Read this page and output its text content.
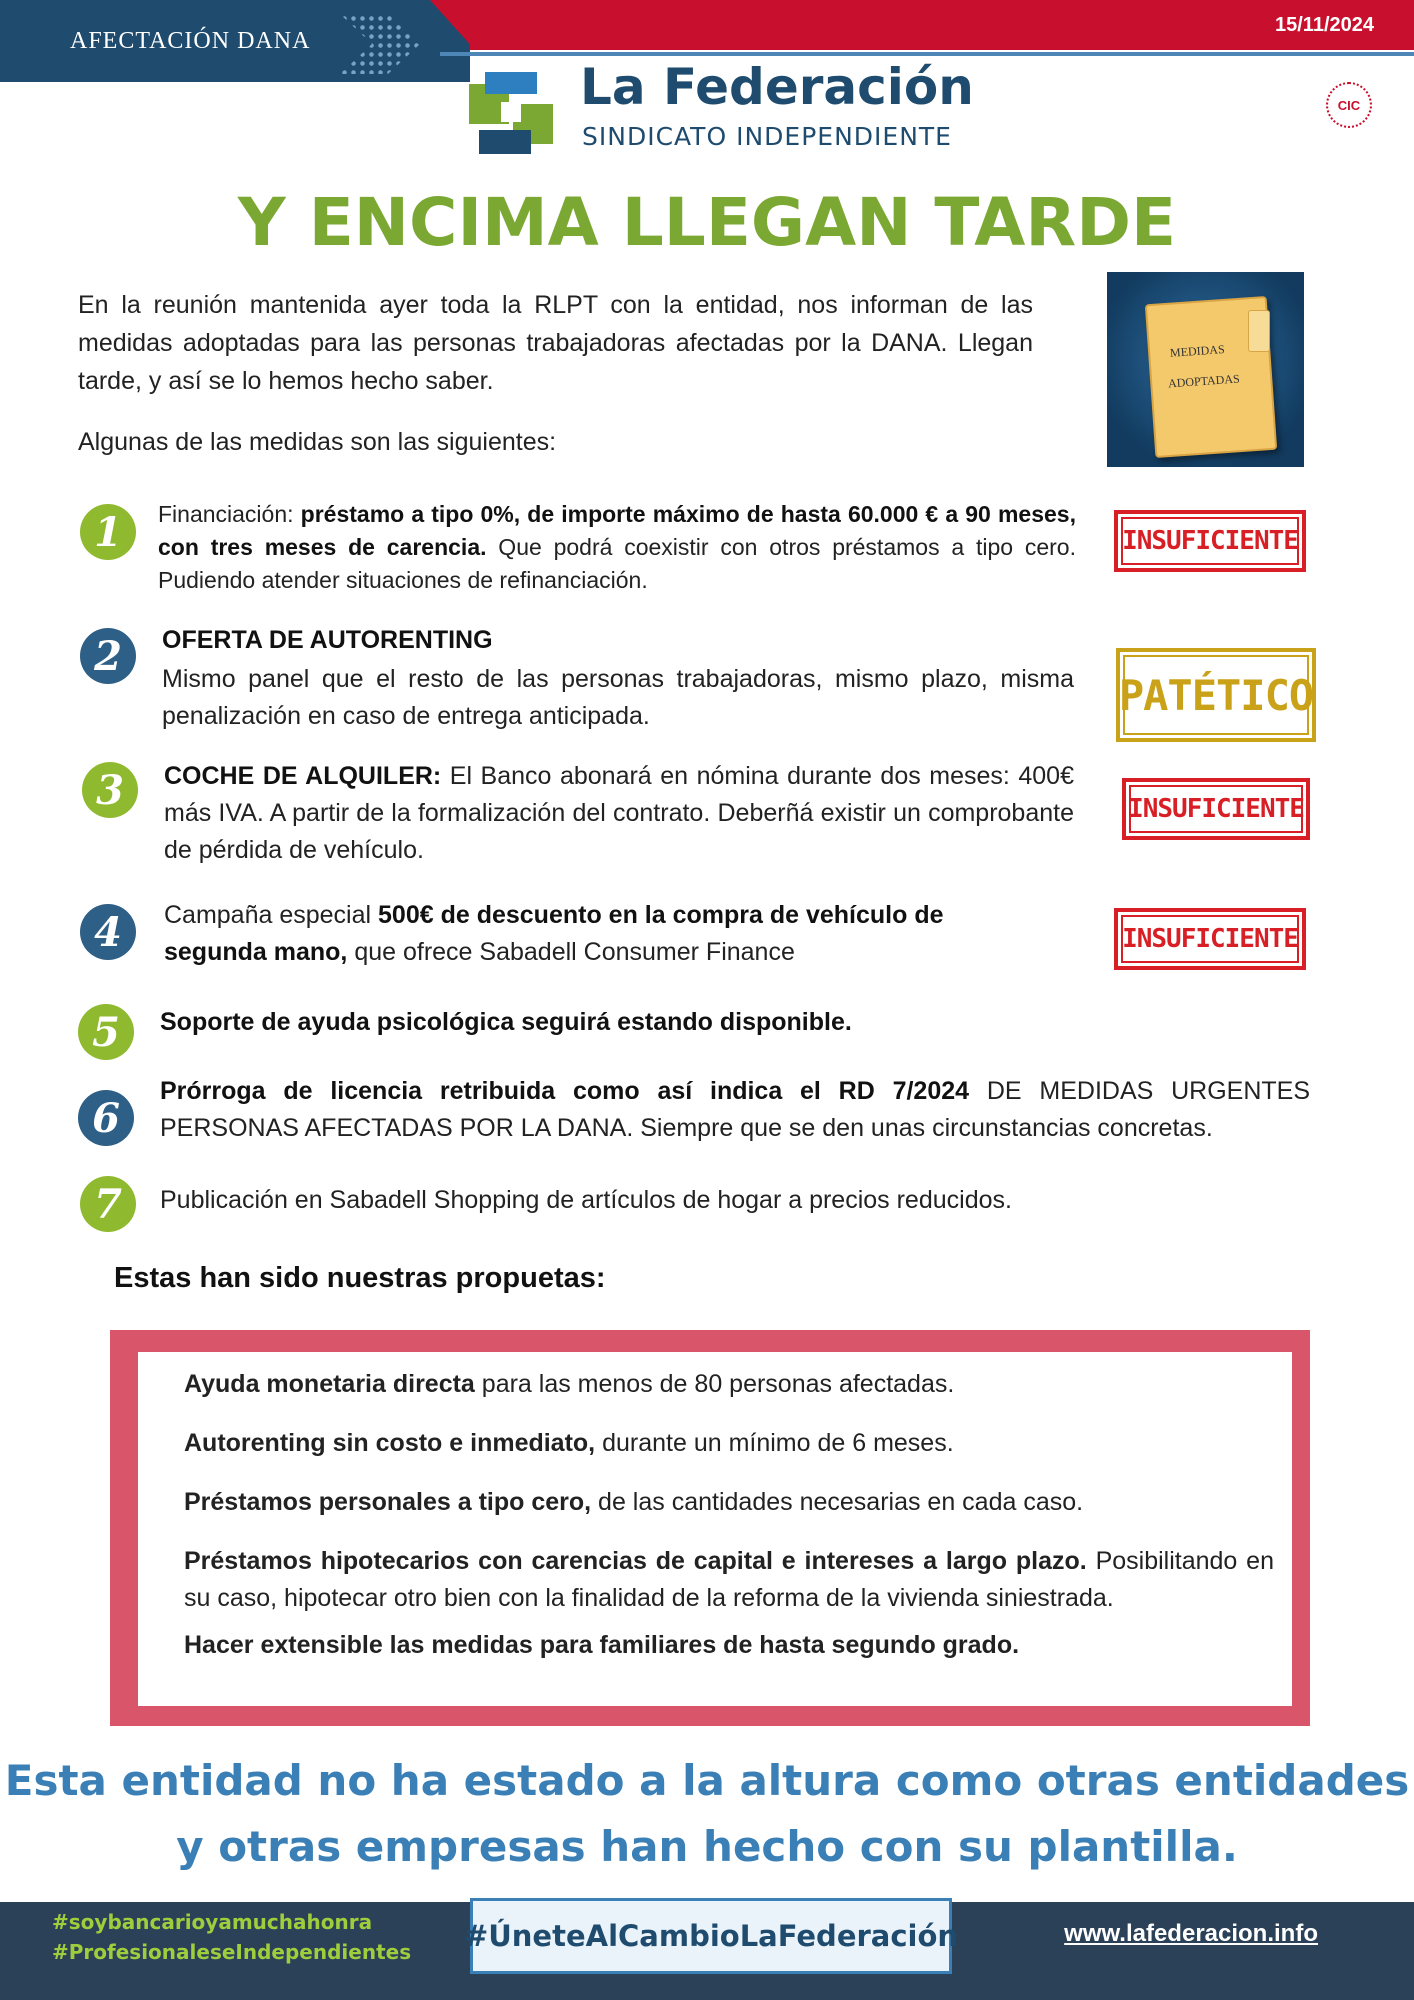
AFECTACIÓN DANA
15/11/2024
La Federación
SINDICATO INDEPENDIENTE
CIC
Y ENCIMA LLEGAN TARDE
En la reunión mantenida ayer toda la RLPT con la entidad, nos informan de las medidas adoptadas para las personas trabajadoras afectadas por la DANA. Llegan tarde, y así se lo hemos hecho saber.
Algunas de las medidas son las siguientes:
MEDIDAS
ADOPTADAS
1	Financiación: préstamo a tipo 0%, de importe máximo de hasta 60.000 € a 90 meses, con tres meses de carencia. Que podrá coexistir con otros préstamos a tipo cero. Pudiendo atender situaciones de refinanciación.
INSUFICIENTE
2	OFERTA DE AUTORENTING
Mismo panel que el resto de las personas trabajadoras, mismo plazo, misma penalización en caso de entrega anticipada.	PATÉTICO
3	COCHE DE ALQUILER: El Banco abonará en nómina durante dos meses: 400€ más IVA. A partir de la formalización del contrato. Deberñá existir un comprobante de pérdida de vehículo.
INSUFICIENTE
4	Campaña especial 500€ de descuento en la compra de vehículo de segunda mano, que ofrece Sabadell Consumer Finance	INSUFICIENTE
5	Soporte de ayuda psicológica seguirá estando disponible.
6
Prórroga de licencia retribuida como así indica el RD 7/2024 DE MEDIDAS URGENTES PERSONAS AFECTADAS POR LA DANA. Siempre que se den unas circunstancias concretas.
7	Publicación en Sabadell Shopping de artículos de hogar a precios reducidos.
Estas han sido nuestras propuetas:

Ayuda monetaria directa para las menos de 80 personas afectadas.

Autorenting sin costo e inmediato, durante un mínimo de 6 meses.

Préstamos personales a tipo cero, de las cantidades necesarias en cada caso.

Préstamos hipotecarios con carencias de capital e intereses a largo plazo. Posibilitando en su caso, hipotecar otro bien con la finalidad de la reforma de la vivienda siniestrada.

Hacer extensible las medidas para familiares de hasta segundo grado.

Esta entidad no ha estado a la altura como otras entidades
y otras empresas han hecho con su plantilla.
#soybancarioyamuchahonra
#ProfesionaleseIndependientes #ÚneteAlCambioLaFederación	www.lafederacion.info
